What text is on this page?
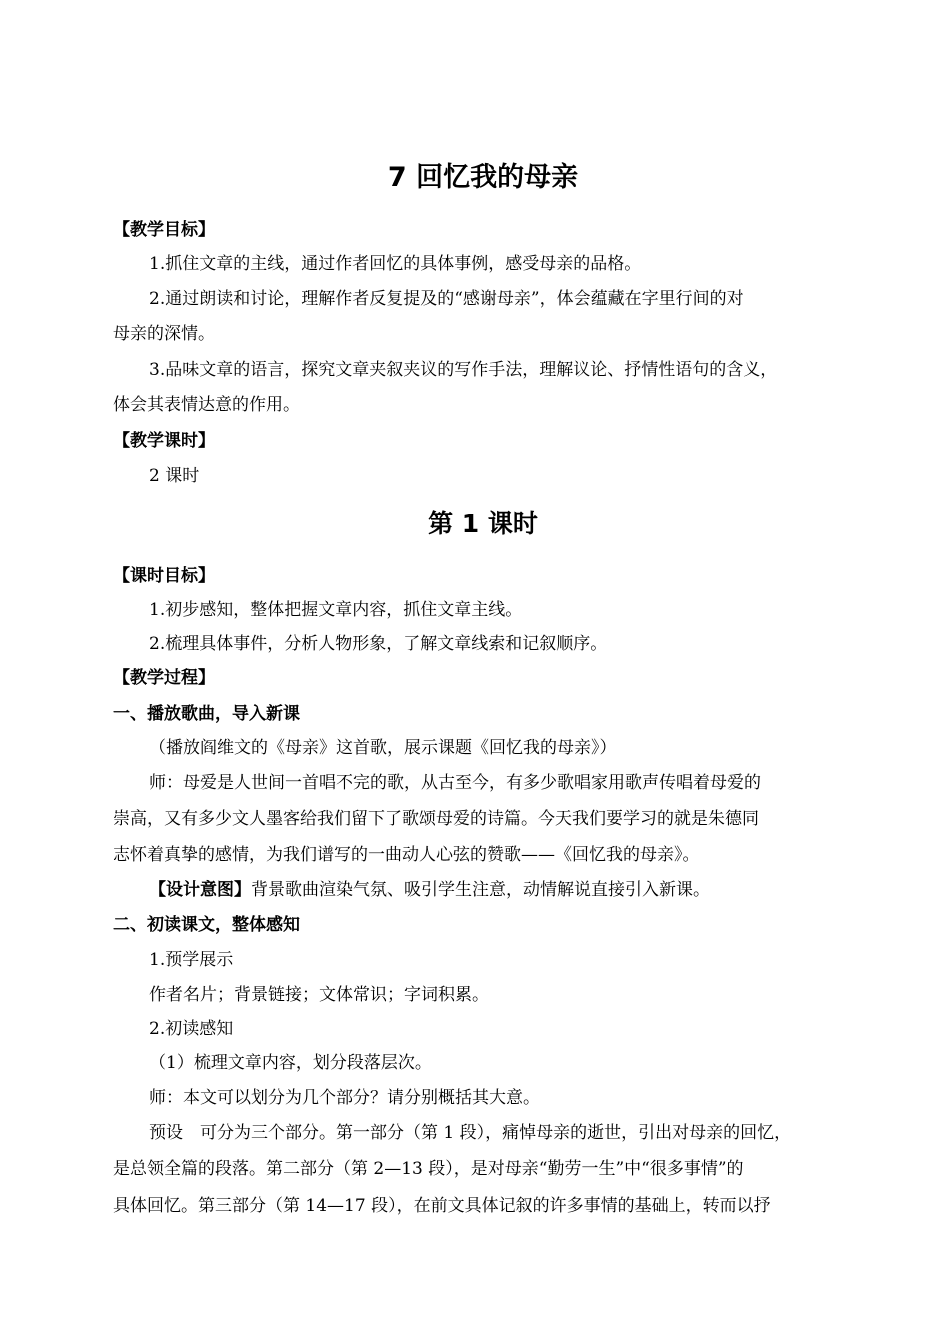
7 回忆我的母亲
【教学目标】
1.抓住文章的主线，通过作者回忆的具体事例，感受母亲的品格。
2.通过朗读和讨论，理解作者反复提及的“感谢母亲”，体会蕴藏在字里行间的对
母亲的深情。
3.品味文章的语言，探究文章夹叙夹议的写作手法，理解议论、抒情性语句的含义，
体会其表情达意的作用。
【教学课时】
2 课时
第 1 课时
【课时目标】
1.初步感知，整体把握文章内容，抓住文章主线。
2.梳理具体事件，分析人物形象，了解文章线索和记叙顺序。
【教学过程】
一、播放歌曲，导入新课
（播放阎维文的《母亲》这首歌，展示课题《回忆我的母亲》）
师：母爱是人世间一首唱不完的歌，从古至今，有多少歌唱家用歌声传唱着母爱的
崇高，又有多少文人墨客给我们留下了歌颂母爱的诗篇。今天我们要学习的就是朱德同
志怀着真挚的感情，为我们谱写的一曲动人心弦的赞歌——《回忆我的母亲》。
【设计意图】背景歌曲渲染气氛、吸引学生注意，动情解说直接引入新课。
二、初读课文，整体感知
1.预学展示
作者名片；背景链接；文体常识；字词积累。
2.初读感知
（1）梳理文章内容，划分段落层次。
师：本文可以划分为几个部分？请分别概括其大意。
预设　可分为三个部分。第一部分（第 1 段），痛悼母亲的逝世，引出对母亲的回忆，
是总领全篇的段落。第二部分（第 2—13 段），是对母亲“勤劳一生”中“很多事情”的
具体回忆。第三部分（第 14—17 段），在前文具体记叙的许多事情的基础上，转而以抒
